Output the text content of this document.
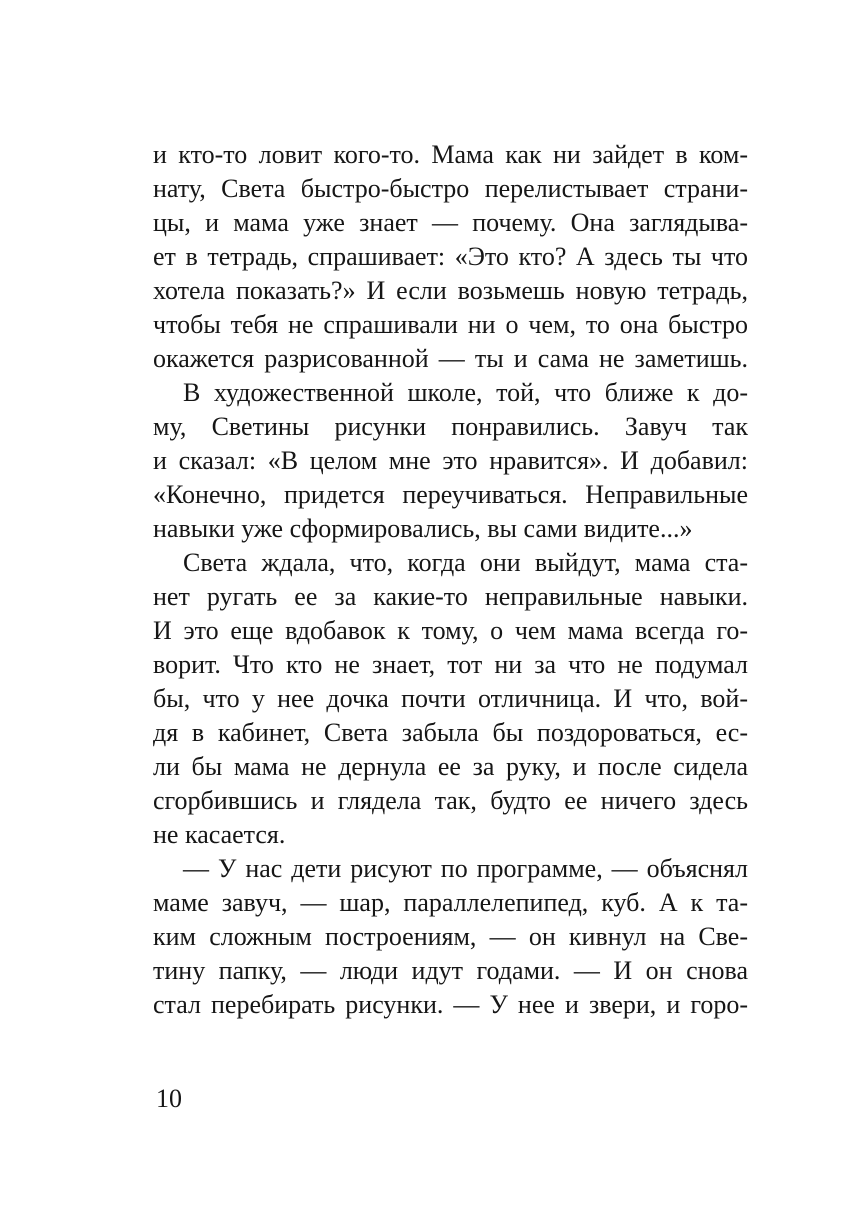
и кто-то ловит кого-то. Мама как ни зайдет в ком-
нату, Света быстро-быстро перелистывает страни-
цы, и мама уже знает — почему. Она заглядыва-
ет в тетрадь, спрашивает: «Это кто? А здесь ты что
хотела показать?» И если возьмешь новую тетрадь,
чтобы тебя не спрашивали ни о чем, то она быстро
окажется разрисованной — ты и сама не заметишь.
В художественной школе, той, что ближе к до-
му, Светины рисунки понравились. Завуч так
и сказал: «В целом мне это нравится». И добавил:
«Конечно, придется переучиваться. Неправильные
навыки уже сформировались, вы сами видите...»
Света ждала, что, когда они выйдут, мама ста-
нет ругать ее за какие-то неправильные навыки.
И это еще вдобавок к тому, о чем мама всегда го-
ворит. Что кто не знает, тот ни за что не подумал
бы, что у нее дочка почти отличница. И что, вой-
дя в кабинет, Света забыла бы поздороваться, ес-
ли бы мама не дернула ее за руку, и после сидела
сгорбившись и глядела так, будто ее ничего здесь
не касается.
— У нас дети рисуют по программе, — объяснял
маме завуч, — шар, параллелепипед, куб. А к та-
ким сложным построениям, — он кивнул на Све-
тину папку, — люди идут годами. — И он снова
стал перебирать рисунки. — У нее и звери, и горо-
10
